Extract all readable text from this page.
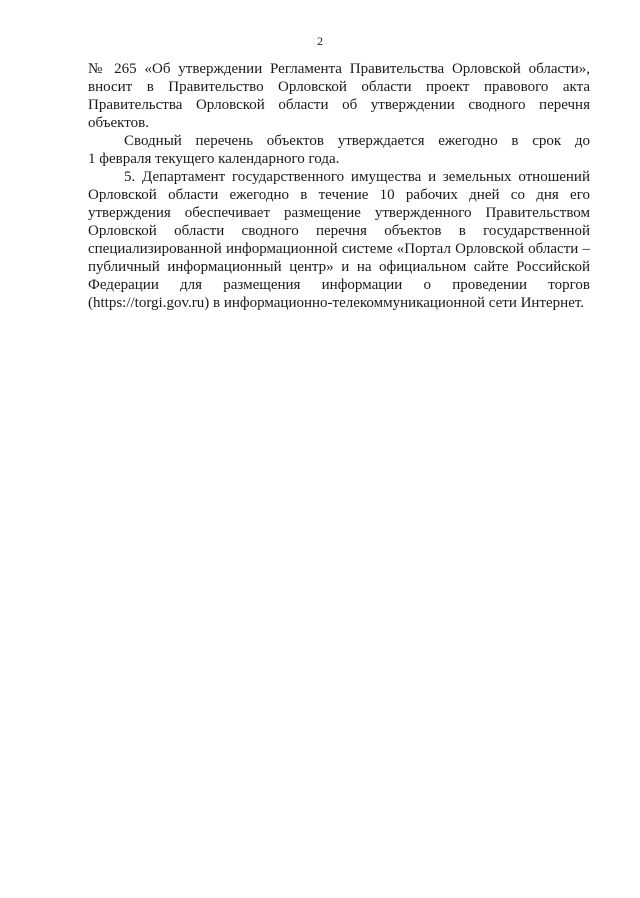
2
№ 265 «Об утверждении Регламента Правительства Орловской области»,
вносит в Правительство Орловской области проект правового акта
Правительства Орловской области об утверждении сводного перечня
объектов.
Сводный перечень объектов утверждается ежегодно в срок до
1 февраля текущего календарного года.
5. Департамент государственного имущества и земельных отношений
Орловской области ежегодно в течение 10 рабочих дней со дня его
утверждения обеспечивает размещение утвержденного Правительством
Орловской области сводного перечня объектов в государственной
специализированной информационной системе «Портал Орловской области –
публичный информационный центр» и на официальном сайте Российской
Федерации для размещения информации о проведении торгов
(https://torgi.gov.ru) в информационно-телекоммуникационной сети Интернет.
